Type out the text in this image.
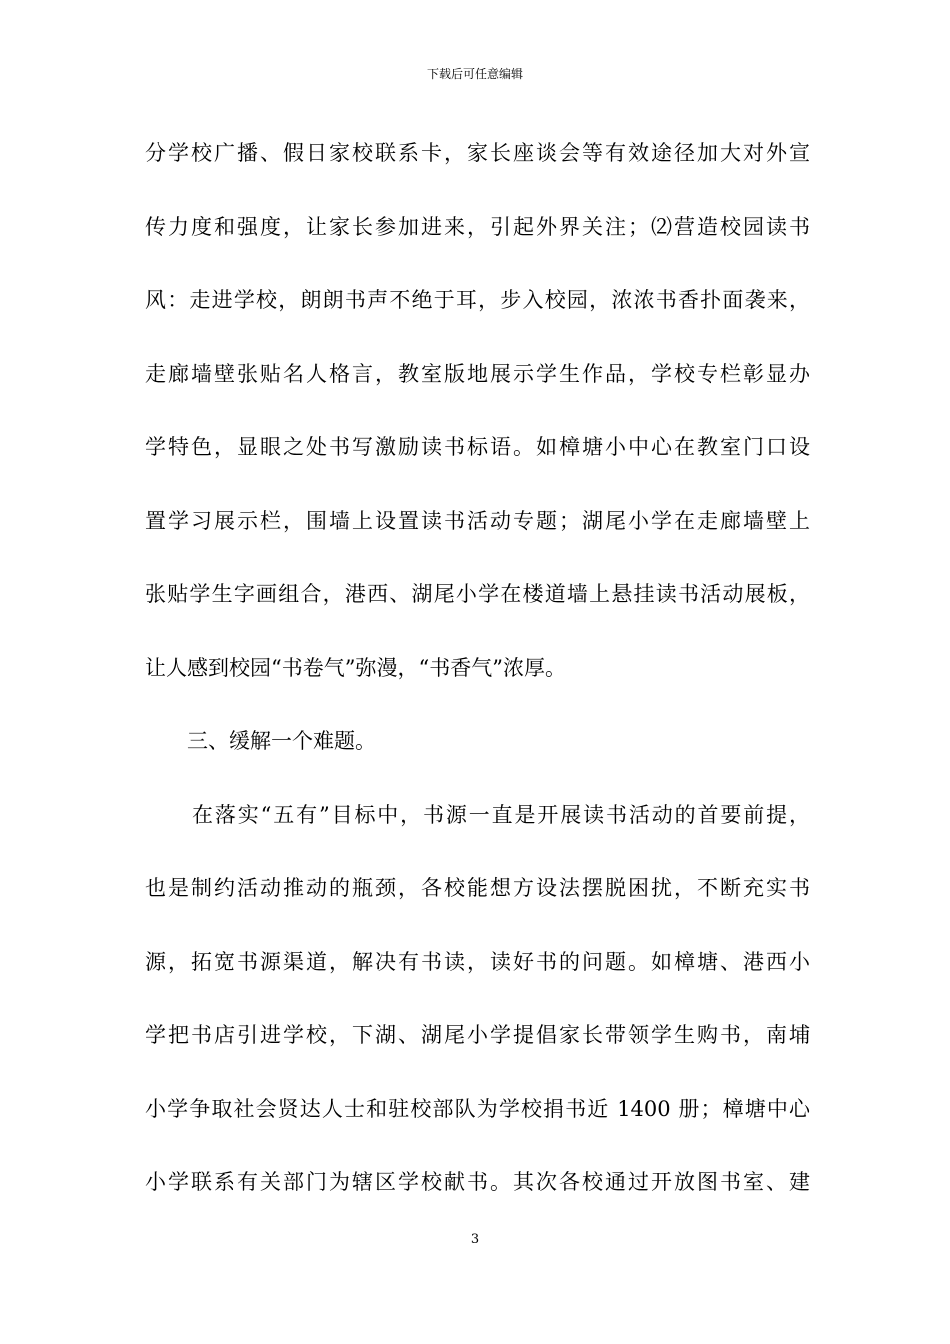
下载后可任意编辑
分学校广播、假日家校联系卡，家长座谈会等有效途径加大对外宣
传力度和强度，让家长参加进来，引起外界关注；⑵营造校园读书
风：走进学校，朗朗书声不绝于耳，步入校园，浓浓书香扑面袭来，
走廊墙壁张贴名人格言，教室版地展示学生作品，学校专栏彰显办
学特色，显眼之处书写激励读书标语。如樟塘小中心在教室门口设
置学习展示栏，围墙上设置读书活动专题；湖尾小学在走廊墙壁上
张贴学生字画组合，港西、湖尾小学在楼道墙上悬挂读书活动展板，
让人感到校园“书卷气”弥漫，“书香气”浓厚。
三、缓解一个难题。
在落实“五有”目标中，书源一直是开展读书活动的首要前提，
也是制约活动推动的瓶颈，各校能想方设法摆脱困扰，不断充实书
源，拓宽书源渠道，解决有书读，读好书的问题。如樟塘、港西小
学把书店引进学校，下湖、湖尾小学提倡家长带领学生购书，南埔
小学争取社会贤达人士和驻校部队为学校捐书近 1400 册；樟塘中心
小学联系有关部门为辖区学校献书。其次各校通过开放图书室、建
3
